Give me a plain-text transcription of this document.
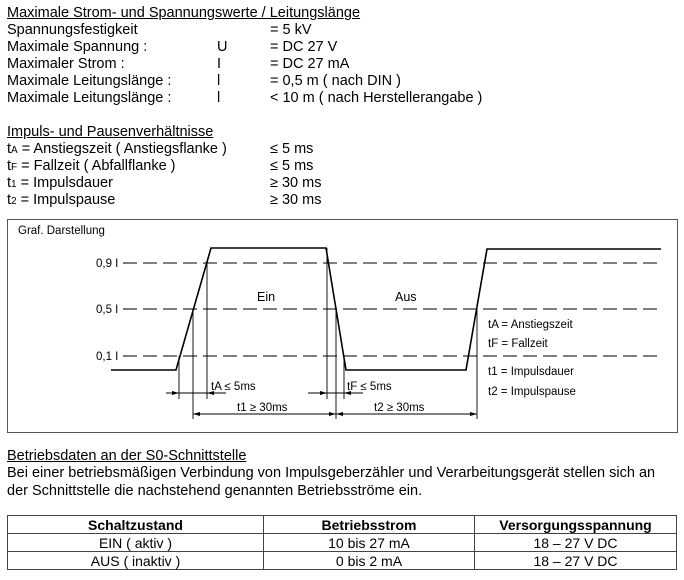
Maximale Strom- und Spannungswerte / Leitungslänge
Spannungsfestigkeit	= 5 kV
Maximale Spannung :	U	= DC 27 V
Maximaler Strom :	I	= DC 27 mA
Maximale Leitungslänge :	l	= 0,5 m ( nach DIN )
Maximale Leitungslänge :	l	< 10 m ( nach Herstellerangabe )
Impuls- und Pausenverhältnisse
tA = Anstiegszeit ( Anstiegsflanke )	≤ 5 ms
tF = Fallzeit ( Abfallflanke )	≤ 5 ms
t1 = Impulsdauer	≥ 30 ms
t2 = Impulspause	≥ 30 ms
Graf. Darstellung
0,9 I
0,5 I
0,1 I
Ein	Aus
tA ≤ 5ms	tF ≤ 5ms
t1 ≥ 30ms	t2 ≥ 30ms
tA = Anstiegszeit
tF = Fallzeit
t1 = Impulsdauer
t2 = Impulspause
Betriebsdaten an der S0-Schnittstelle
Bei einer betriebsmäßigen Verbindung von Impulsgeberzähler und Verarbeitungsgerät stellen sich an
der Schnittstelle die nachstehend genannten Betriebsströme ein.
Schaltzustand	Betriebsstrom	Versorgungsspannung
EIN ( aktiv )	10 bis 27 mA	18 – 27 V DC
AUS ( inaktiv )	0 bis 2 mA	18 – 27 V DC
